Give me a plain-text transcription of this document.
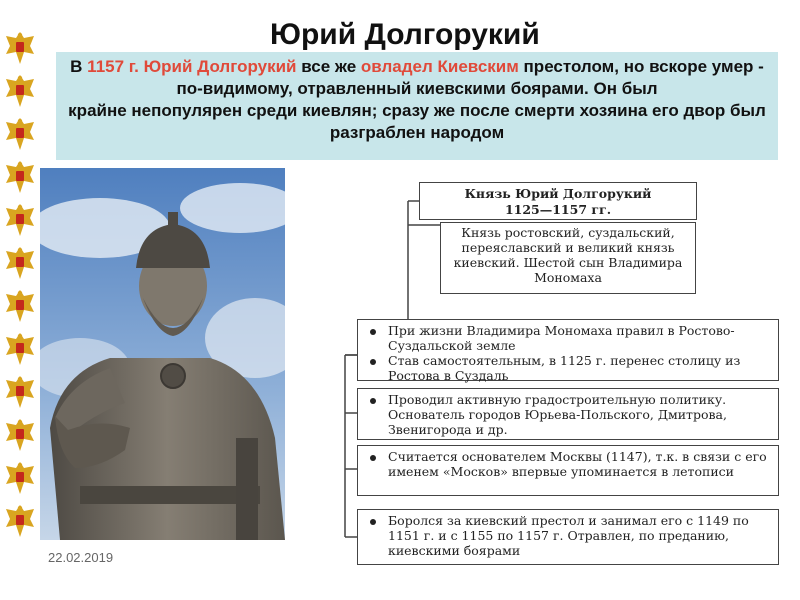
Юрий Долгорукий
В 1157 г. Юрий Долгорукий все же овладел Киевским престолом, но вскоре умер - по-видимому, отравленный киевскими боярами. Он был
крайне непопулярен среди киевлян; сразу же после смерти хозяина его двор был разграблен народом
22.02.2019
Князь Юрий Долгорукий
1125—1157 гг.
Князь ростовский, суздальский, переяславский и великий князь киевский. Шестой сын Владимира Мономаха

При жизни Владимира Мономаха правил в Ростово-Суздальской земле

Став самостоятельным, в 1125 г. перенес столицу из Ростова в Суздаль

Проводил активную градостроительную политику. Основатель городов Юрьева-Польского, Дмитрова, Звенигорода и др.

Считается основателем Москвы (1147), т.к. в связи с его именем «Москов» впервые упоминается в летописи

Боролся за киевский престол и занимал его с 1149 по 1151 г. и с 1155 по 1157 г. Отравлен, по преданию, киевскими боярами
